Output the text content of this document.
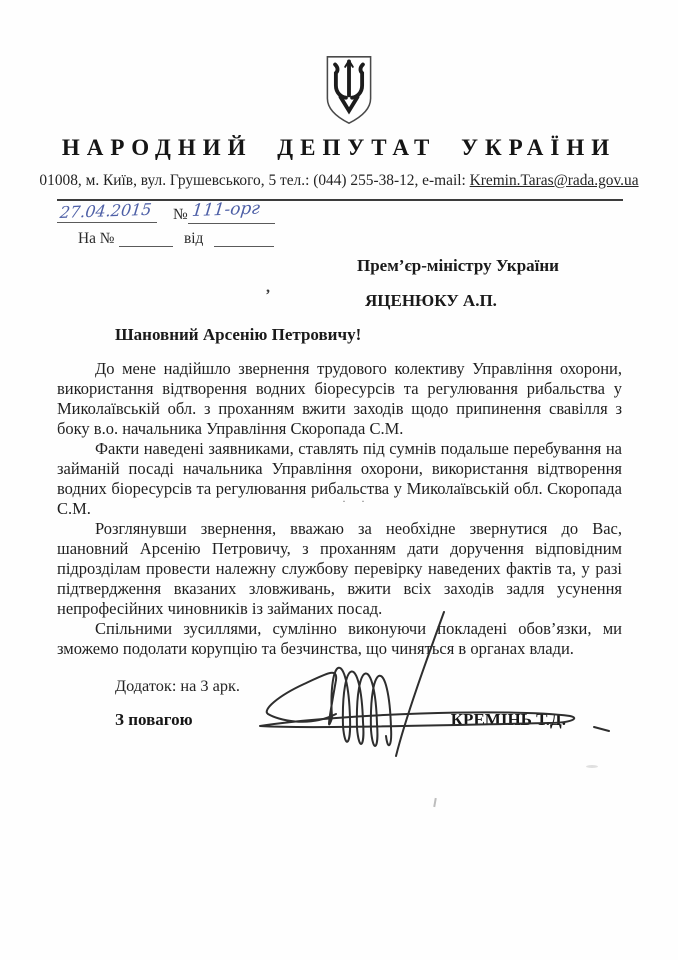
НАРОДНИЙ ДЕПУТАТ УКРАЇНИ
01008, м. Київ, вул. Грушевського, 5 тел.: (044) 255-38-12, e-mail: Kremin.Taras@rada.gov.ua
27.04.2015 № 111-орг
На №	від
Прем’єр-міністру України
ЯЦЕНЮКУ А.П.
Шановний Арсенію Петровичу!

До мене надійшло звернення трудового колективу Управління охорони, використання відтворення водних біоресурсів та регулювання рибальства у Миколаївській обл. з проханням вжити заходів щодо припинення свавілля з боку в.о. начальника Управління Скоропада С.М.

Факти наведені заявниками, ставлять під сумнів подальше перебування на займаній посаді начальника Управління охорони, використання відтворення водних біоресурсів та регулювання рибальства у Миколаївській обл. Скоропада С.М.

Розглянувши звернення, вважаю за необхідне звернутися до Вас, шановний Арсенію Петровичу, з проханням дати доручення відповідним підрозділам провести належну службову перевірку наведених фактів та, у разі підтвердження вказаних зловживань, вжити всіх заходів задля усунення непрофесійних чиновників із займаних посад.

Спільними зусиллями, сумлінно виконуючи покладені обов’язки, ми зможемо подолати корупцію та безчинства, що чиняться в органах влади.

Додаток: на 3 арк.
З повагою	КРЕМІНЬ Т.Д.
,
· ·
